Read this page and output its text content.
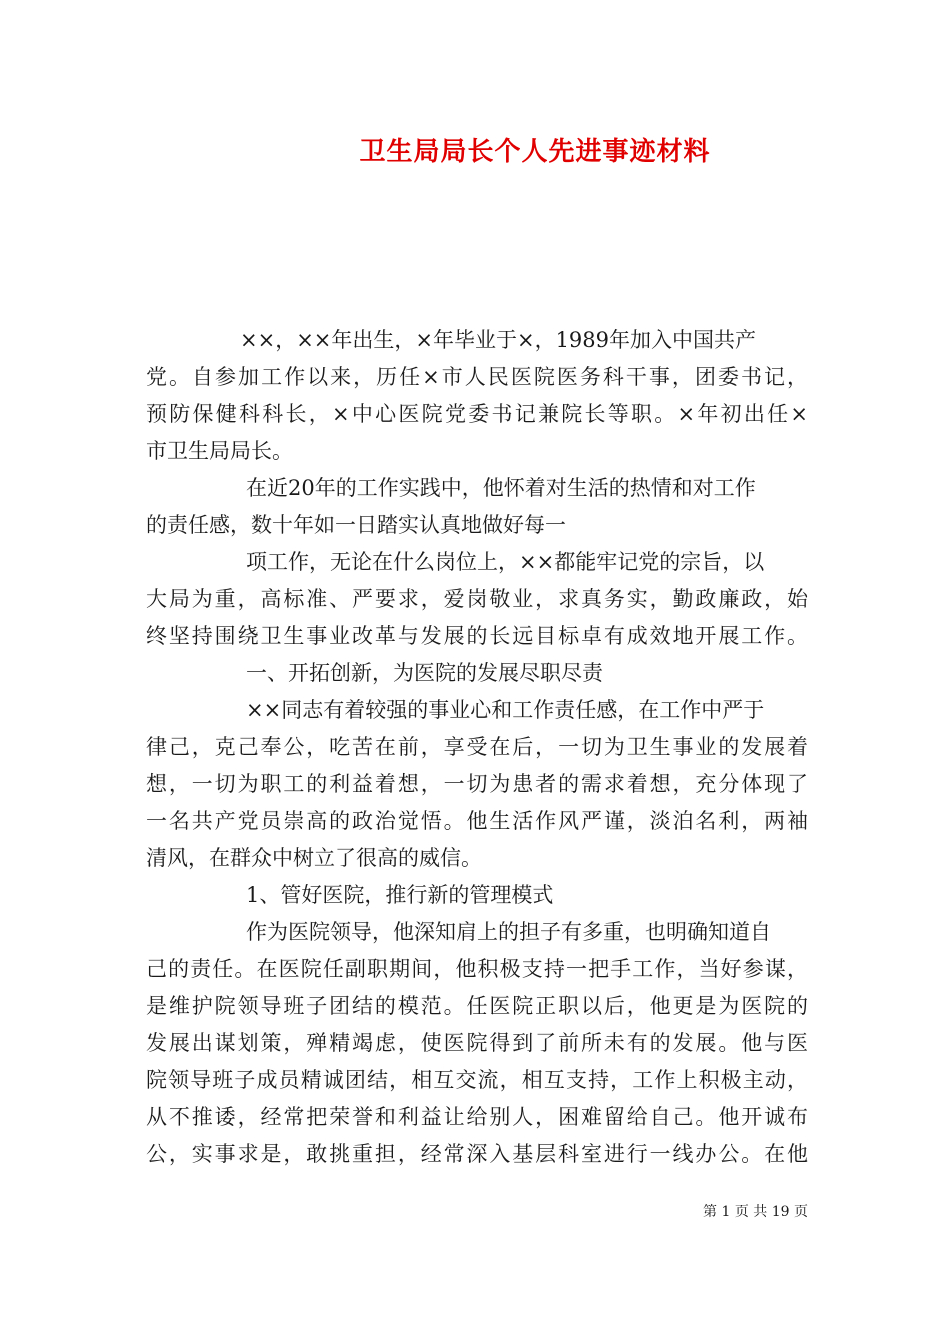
卫生局局长个人先进事迹材料
××，××年出生，×年毕业于×，1989年加入中国共产
党。自参加工作以来，历任×市人民医院医务科干事，团委书记，
预防保健科科长，×中心医院党委书记兼院长等职。×年初出任×
市卫生局局长。
在近20年的工作实践中，他怀着对生活的热情和对工作
的责任感，数十年如一日踏实认真地做好每一
项工作，无论在什么岗位上，××都能牢记党的宗旨，以
大局为重，高标准、严要求，爱岗敬业，求真务实，勤政廉政，始
终坚持围绕卫生事业改革与发展的长远目标卓有成效地开展工作。
一、开拓创新，为医院的发展尽职尽责
××同志有着较强的事业心和工作责任感，在工作中严于
律己，克己奉公，吃苦在前，享受在后，一切为卫生事业的发展着
想，一切为职工的利益着想，一切为患者的需求着想，充分体现了
一名共产党员崇高的政治觉悟。他生活作风严谨，淡泊名利，两袖
清风，在群众中树立了很高的威信。
1、管好医院，推行新的管理模式
作为医院领导，他深知肩上的担子有多重，也明确知道自
己的责任。在医院任副职期间，他积极支持一把手工作，当好参谋，
是维护院领导班子团结的模范。任医院正职以后，他更是为医院的
发展出谋划策，殚精竭虑，使医院得到了前所未有的发展。他与医
院领导班子成员精诚团结，相互交流，相互支持，工作上积极主动，
从不推诿，经常把荣誉和利益让给别人，困难留给自己。他开诚布
公，实事求是，敢挑重担，经常深入基层科室进行一线办公。在他
第 1 页 共 19 页
